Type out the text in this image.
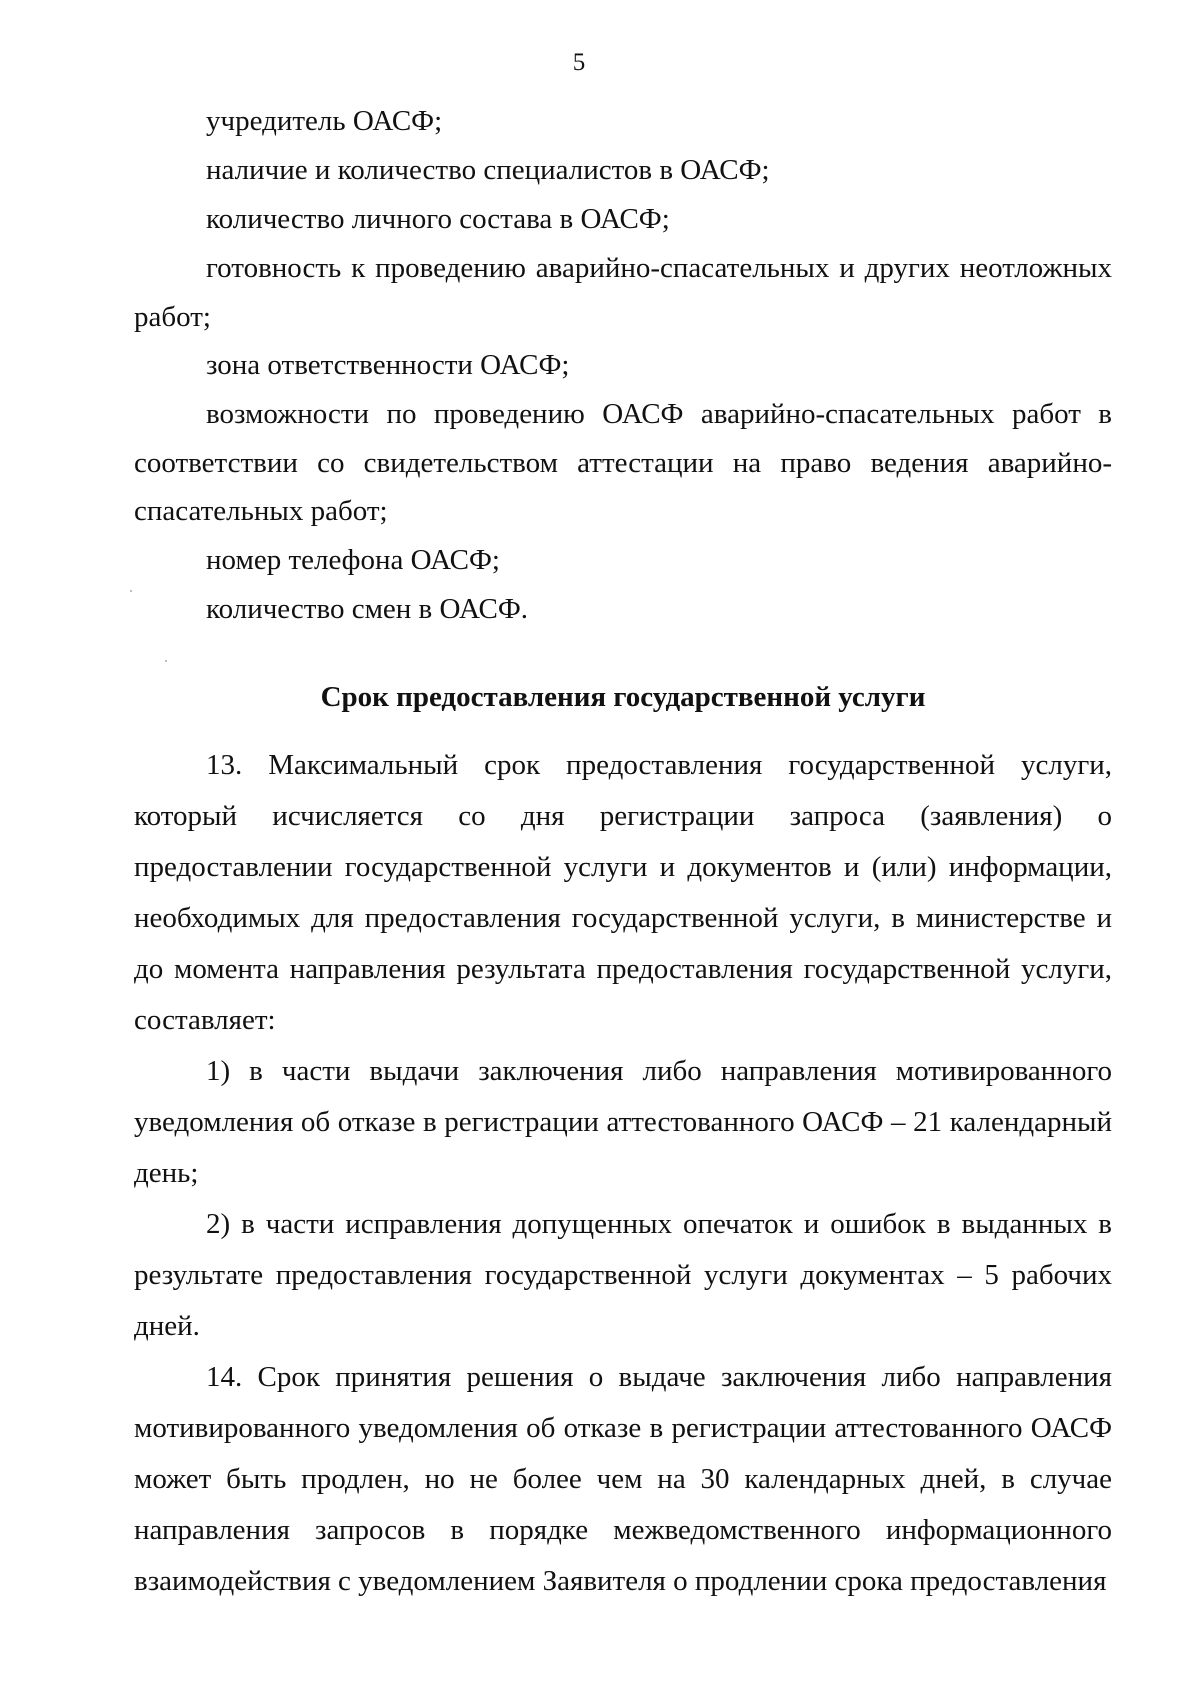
5

учредитель ОАСФ;

наличие и количество специалистов в ОАСФ;

количество личного состава в ОАСФ;

готовность к проведению аварийно-спасательных и других неотложных работ;

зона ответственности ОАСФ;

возможности по проведению ОАСФ аварийно-спасательных работ в соответствии со свидетельством аттестации на право ведения аварийно-спасательных работ;

номер телефона ОАСФ;

количество смен в ОАСФ.

Срок предоставления государственной услуги

13. Максимальный срок предоставления государственной услуги, который исчисляется со дня регистрации запроса (заявления) о предоставлении государственной услуги и документов и (или) информации, необходимых для предоставления государственной услуги, в министерстве и до момента направления результата предоставления государственной услуги, составляет:

1) в части выдачи заключения либо направления мотивированного уведомления об отказе в регистрации аттестованного ОАСФ – 21 календарный день;

2) в части исправления допущенных опечаток и ошибок в выданных в результате предоставления государственной услуги документах – 5 рабочих дней.

14. Срок принятия решения о выдаче заключения либо направления мотивированного уведомления об отказе в регистрации аттестованного ОАСФ может быть продлен, но не более чем на 30 календарных дней, в случае направления запросов в порядке межведомственного информационного взаимодействия с уведомлением Заявителя о продлении срока предоставления
